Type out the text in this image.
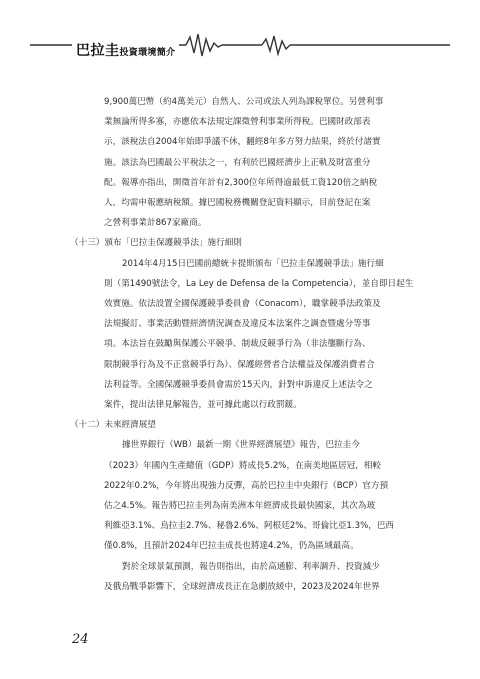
巴拉圭投資環境簡介

9,900萬巴幣（約4萬美元）自然人、公司或法人列為課稅單位。另營利事

業無論所得多寡，亦應依本法規定課徵營利事業所得稅。巴國財政部表

示，該稅法自2004年始即爭議不休，翻經8年多方努力結果，終於付諸實

施。該法為巴國最公平稅法之一，有利於巴國經濟步上正軌及財富重分

配。報導亦指出，開徵首年計有2,300位年所得逾最低工資120倍之納稅

人，均需申報應納稅額。據巴國稅務機關登記資料顯示，目前登記在案

之營利事業計867家廠商。

（十三）頒布「巴拉圭保護競爭法」施行細則

2014年4月15日巴國前總統卡提斯頒布「巴拉圭保護競爭法」施行細

則（第1490號法令，La Ley de Defensa de la Competencia），並自即日起生

效實施。依法設置全國保護競爭委員會（Conacom），職掌競爭法政策及

法規擬訂、事業活動暨經濟情況調查及違反本法案件之調查暨處分等事

項。本法旨在鼓勵與保護公平競爭、制裁反競爭行為（非法壟斷行為、

限制競爭行為及不正當競爭行為）、保護經營者合法權益及保護消費者合

法利益等。全國保護競爭委員會需於15天內，針對申訴違反上述法令之

案件，提出法律見解報告，並可據此處以行政罰鍰。

（十二）未來經濟展望

據世界銀行（WB）最新一期《世界經濟展望》報告，巴拉圭今

（2023）年國內生產總值（GDP）將成長5.2%，在南美地區居冠，相較

2022年0.2%，今年將出現強力反彈，高於巴拉圭中央銀行（BCP）官方預

估之4.5%。報告將巴拉圭列為南美洲本年經濟成長最快國家，其次為玻

利維亞3.1%、烏拉圭2.7%、秘魯2.6%、阿根廷2%、哥倫比亞1.3%，巴西

僅0.8%，且預計2024年巴拉圭成長也將達4.2%，仍為區域最高。

對於全球景氣預測，報告則指出，由於高通膨、利率調升、投資減少

及俄烏戰爭影響下，全球經濟成長正在急劇放緩中，2023及2024年世界

24
